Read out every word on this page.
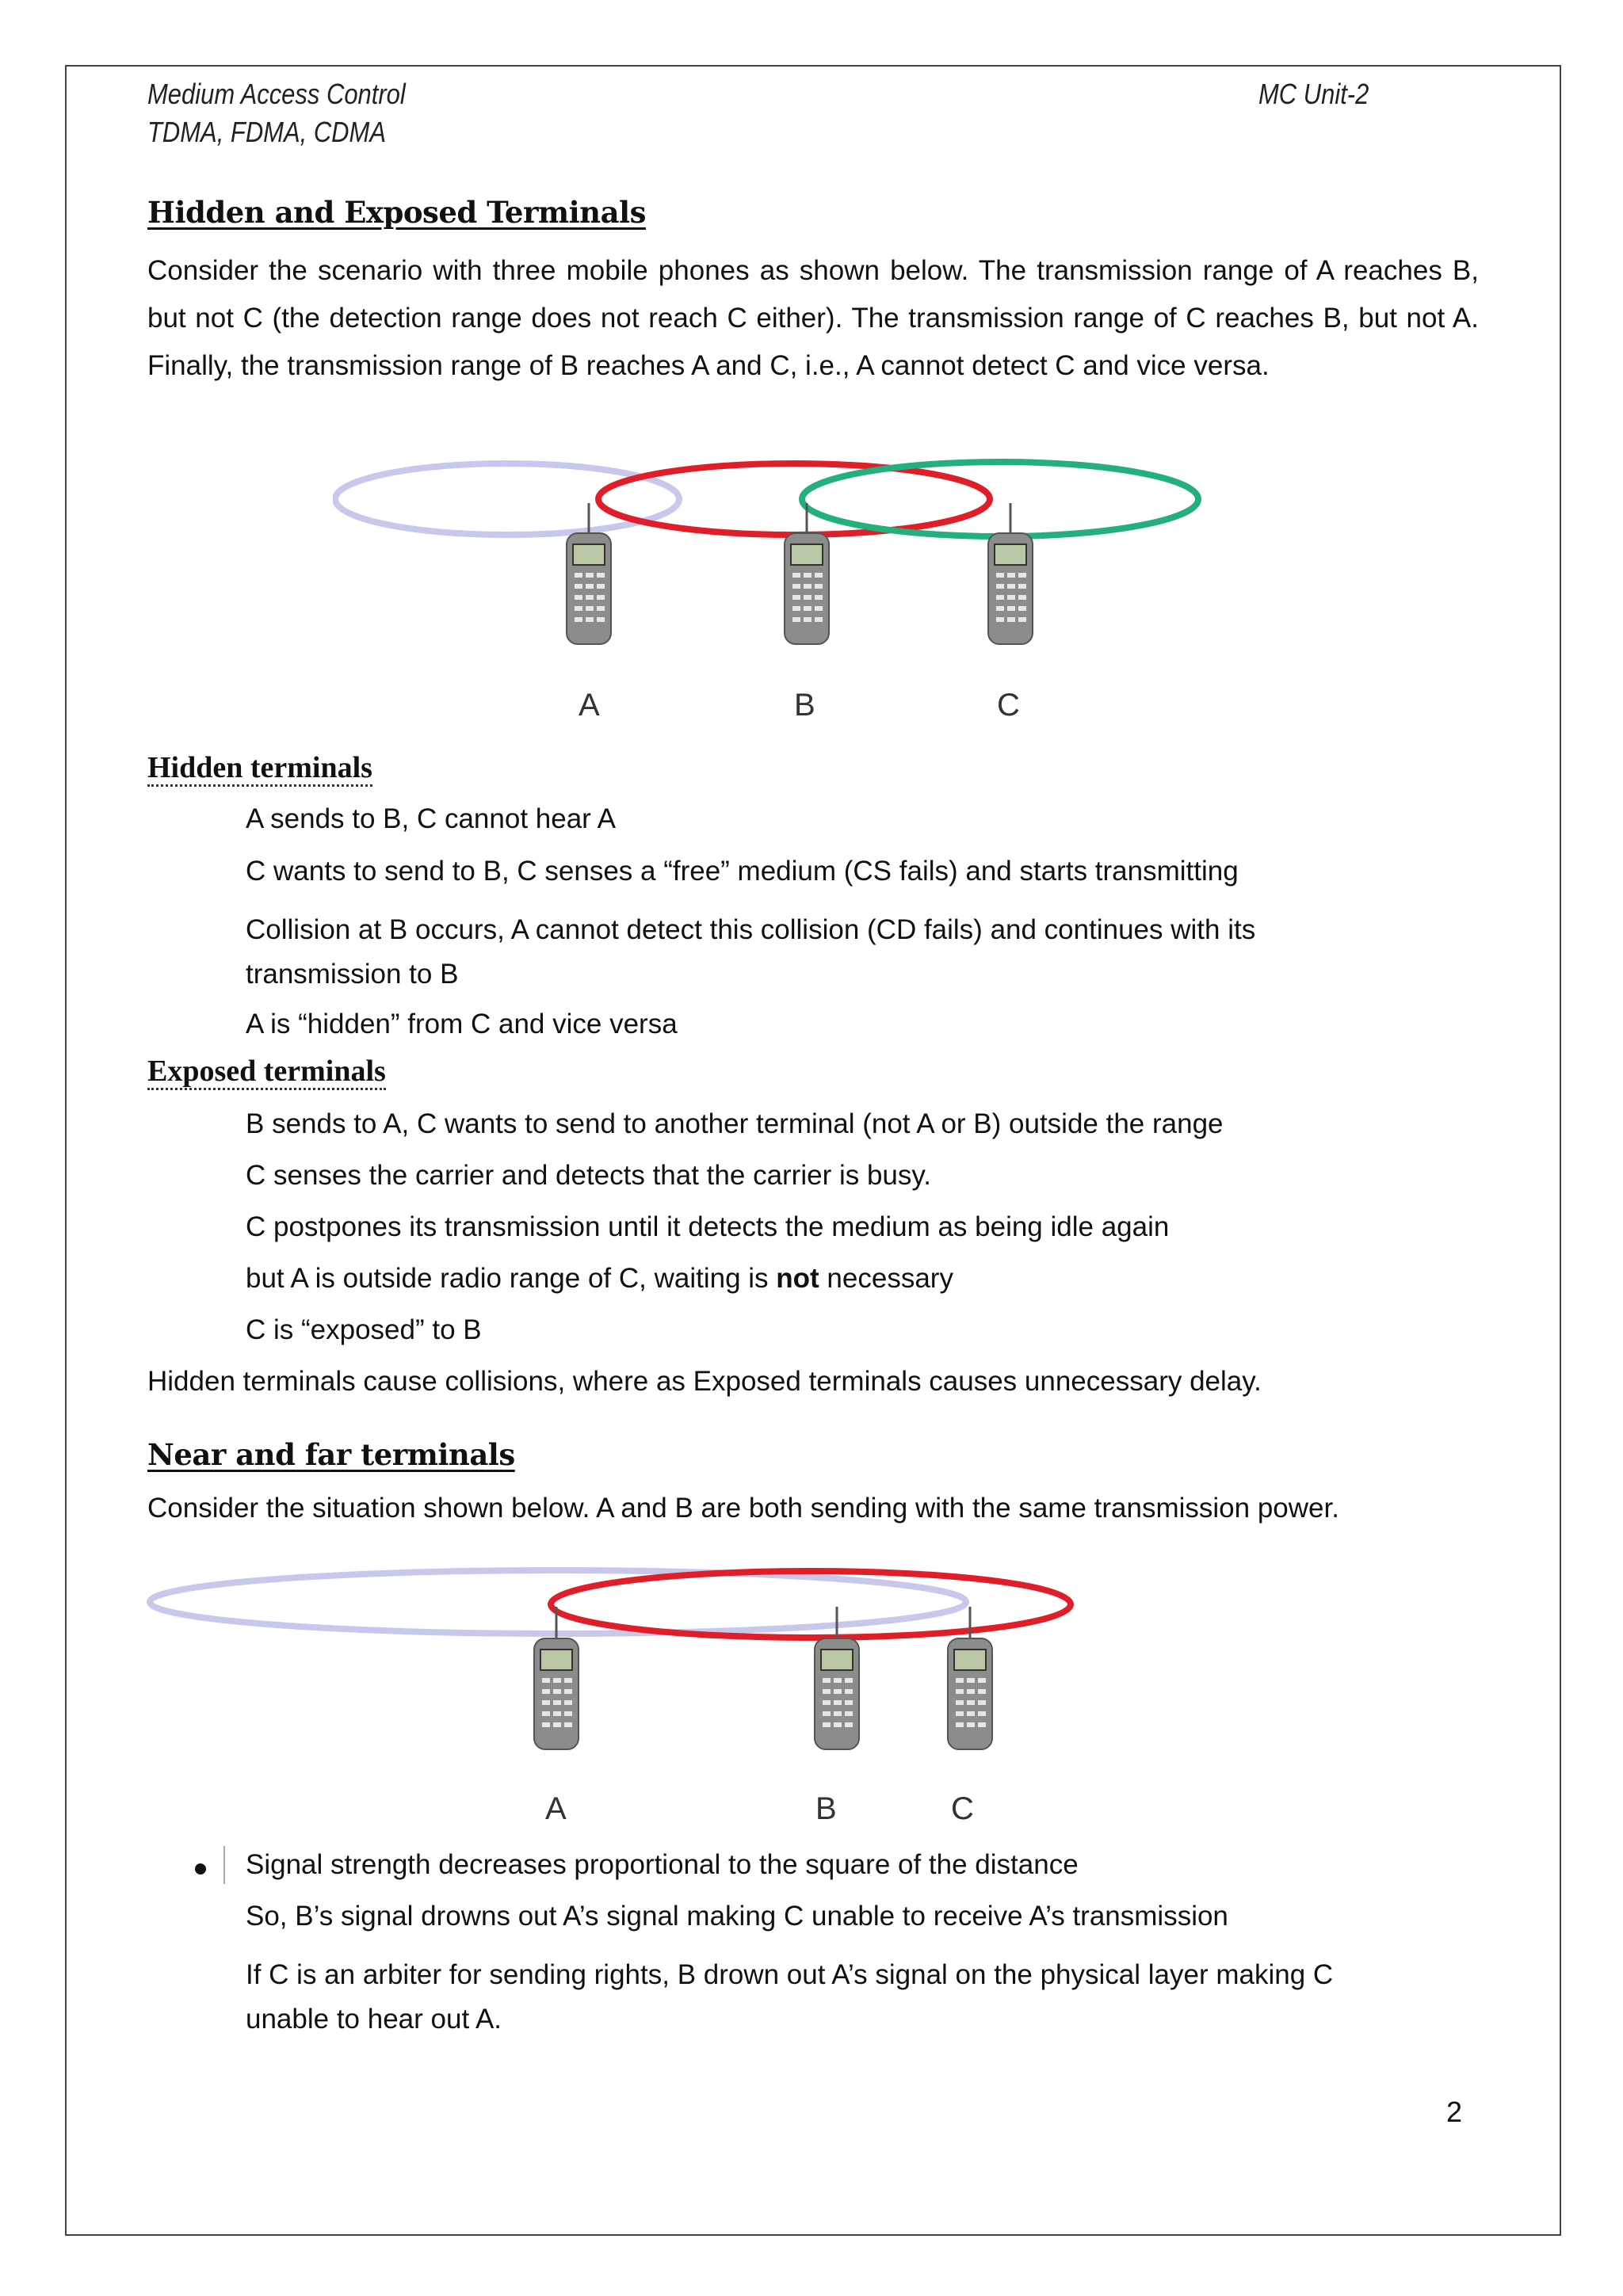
Medium Access Control
TDMA, FDMA, CDMA
MC Unit-2
Hidden and Exposed Terminals

Consider the scenario with three mobile phones as shown below. The transmission range of A reaches B, but not C (the detection range does not reach C either). The transmission range of C reaches B, but not A. Finally, the transmission range of B reaches A and C, i.e., A cannot detect C and vice versa.

A	B	C
Hidden terminals

A sends to B, C cannot hear A

C wants to send to B, C senses a “free” medium (CS fails) and starts transmitting

Collision at B occurs, A cannot detect this collision (CD fails) and continues with its transmission to B

A is “hidden” from C and vice versa

Exposed terminals

B sends to A, C wants to send to another terminal (not A or B) outside the range

C senses the carrier and detects that the carrier is busy.

C postpones its transmission until it detects the medium as being idle again

but A is outside radio range of C, waiting is not necessary

C is “exposed” to B

Hidden terminals cause collisions, where as Exposed terminals causes unnecessary delay.

Near and far terminals

Consider the situation shown below. A and B are both sending with the same transmission power.

A	B	C

Signal strength decreases proportional to the square of the distance

So, B’s signal drowns out A’s signal making C unable to receive A’s transmission

If C is an arbiter for sending rights, B drown out A’s signal on the physical layer making C unable to hear out A.

2
